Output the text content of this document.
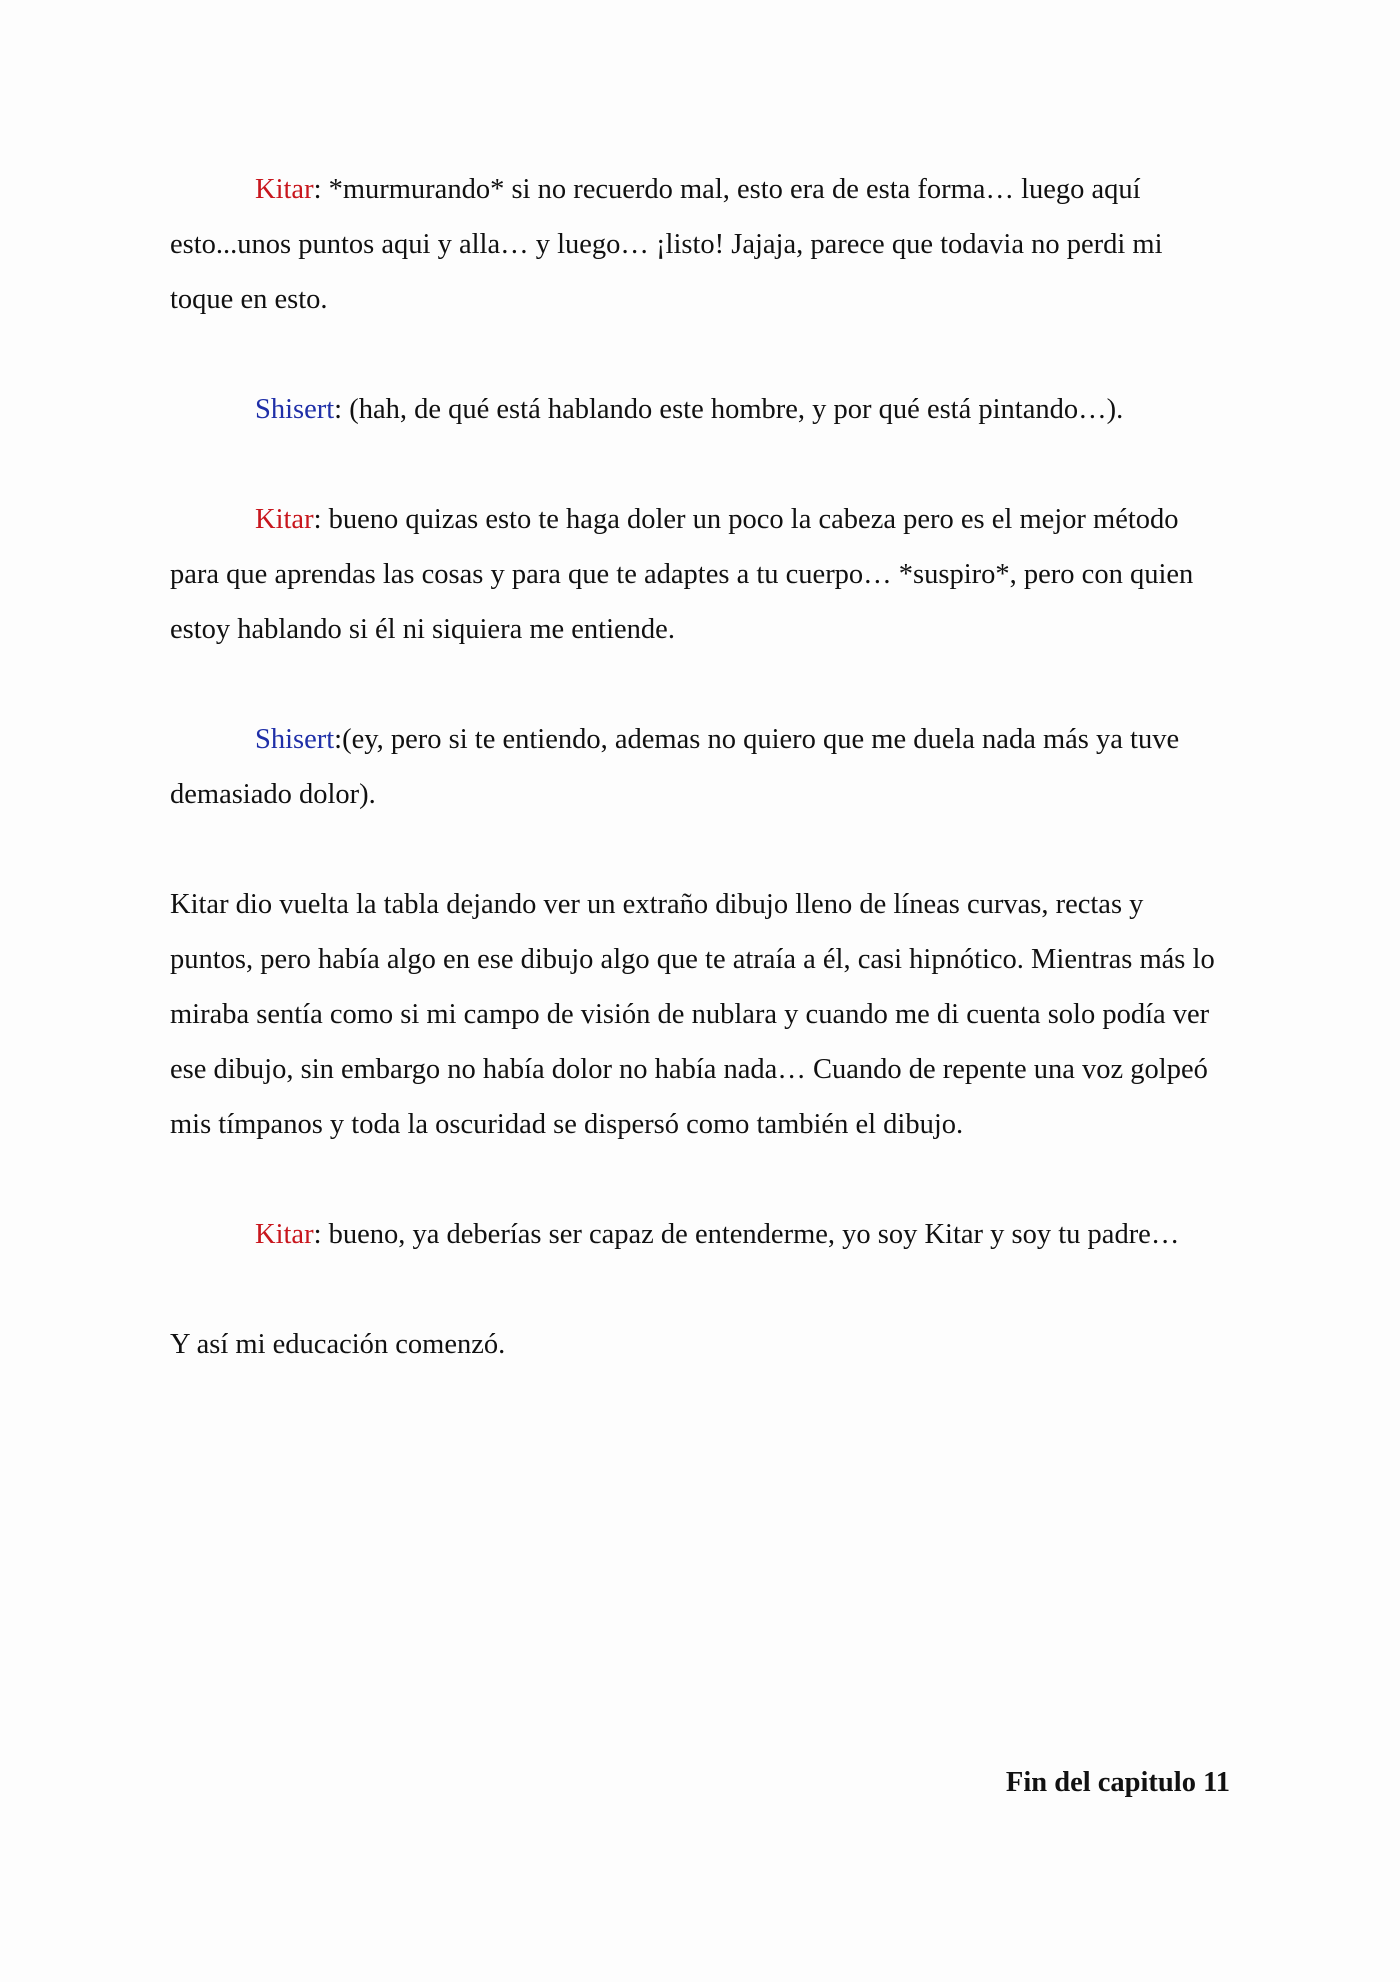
Kitar: *murmurando* si no recuerdo mal, esto era de esta forma… luego aquí esto...unos puntos aqui y alla… y luego… ¡listo! Jajaja, parece que todavia no perdi mi toque en esto.

Shisert: (hah, de qué está hablando este hombre, y por qué está pintando…).

Kitar: bueno quizas esto te haga doler un poco la cabeza pero es el mejor método para que aprendas las cosas y para que te adaptes a tu cuerpo… *suspiro*, pero con quien estoy hablando si él ni siquiera me entiende.

Shisert:(ey, pero si te entiendo, ademas no quiero que me duela nada más ya tuve demasiado dolor).

Kitar dio vuelta la tabla dejando ver un extraño dibujo lleno de líneas curvas, rectas y puntos, pero había algo en ese dibujo algo que te atraía a él, casi hipnótico. Mientras más lo miraba sentía como si mi campo de visión de nublara y cuando me di cuenta solo podía ver ese dibujo, sin embargo no había dolor no había nada… Cuando de repente una voz golpeó mis tímpanos y toda la oscuridad se dispersó como también el dibujo.

Kitar: bueno, ya deberías ser capaz de entenderme, yo soy Kitar y soy tu padre…

Y así mi educación comenzó.

Fin del capitulo 11
